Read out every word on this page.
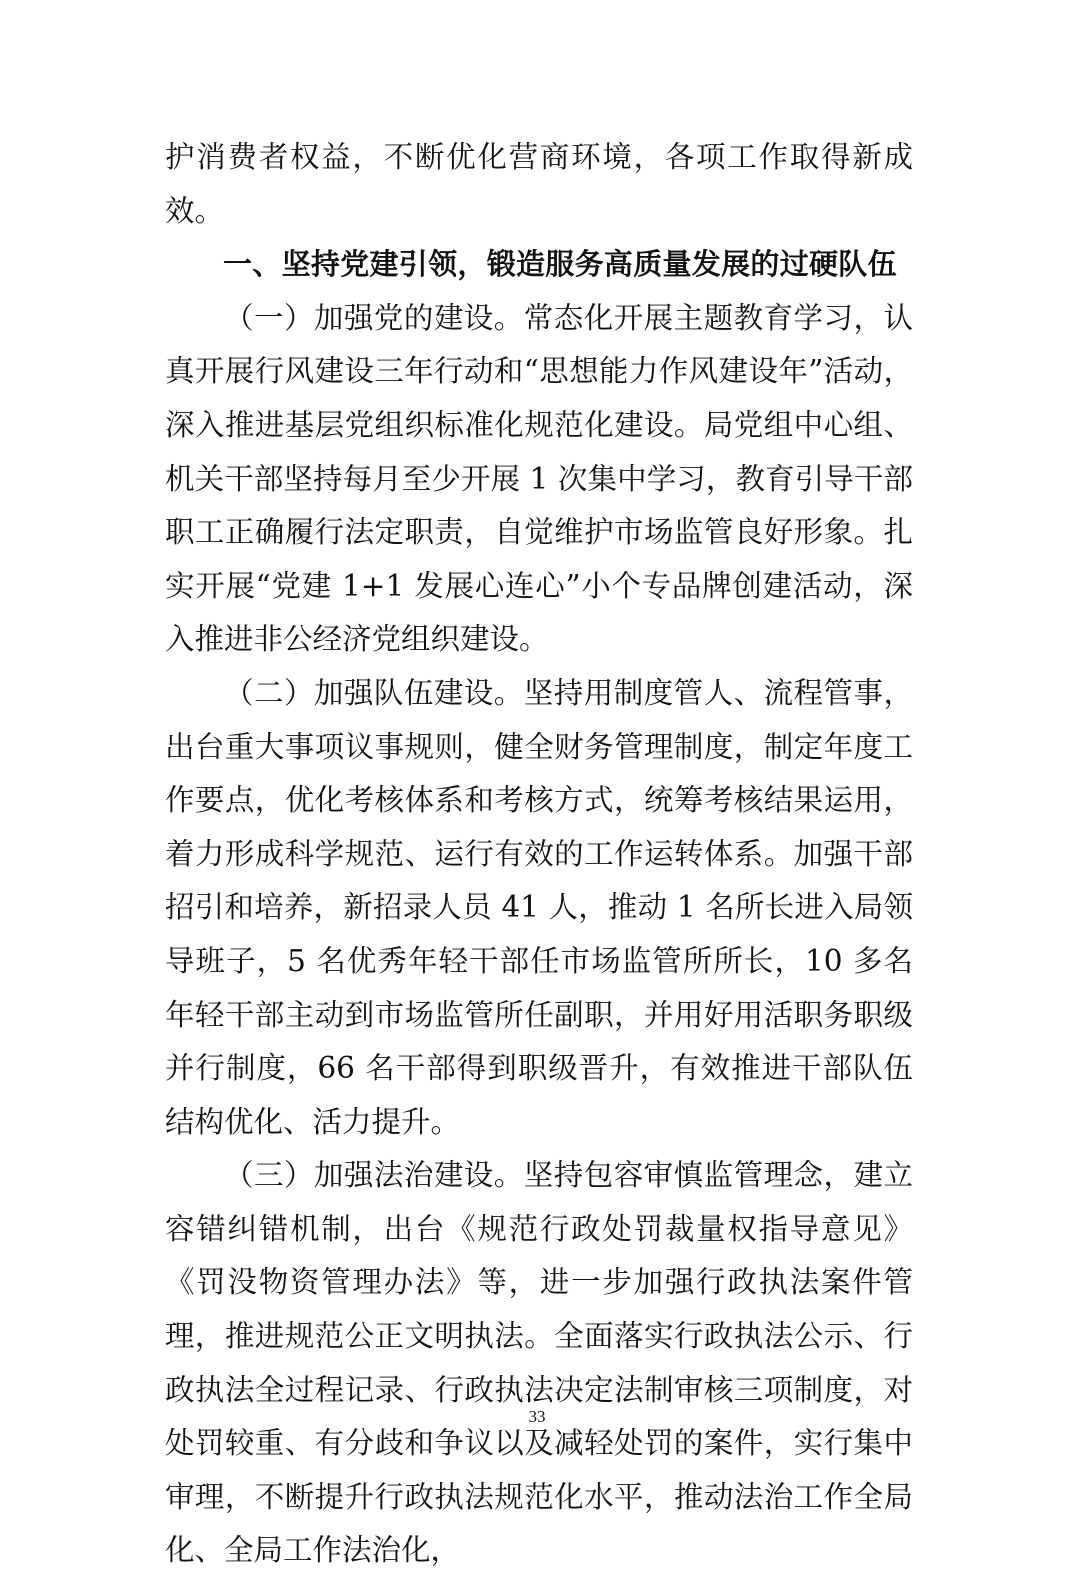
护消费者权益，不断优化营商环境，各项工作取得新成效。

一、坚持党建引领，锻造服务高质量发展的过硬队伍

（一）加强党的建设。常态化开展主题教育学习，认真开展行风建设三年行动和“思想能力作风建设年”活动，深入推进基层党组织标准化规范化建设。局党组中心组、机关干部坚持每月至少开展 1 次集中学习，教育引导干部职工正确履行法定职责，自觉维护市场监管良好形象。扎实开展“党建 1+1 发展心连心”小个专品牌创建活动，深入推进非公经济党组织建设。

（二）加强队伍建设。坚持用制度管人、流程管事，出台重大事项议事规则，健全财务管理制度，制定年度工作要点，优化考核体系和考核方式，统筹考核结果运用，着力形成科学规范、运行有效的工作运转体系。加强干部招引和培养，新招录人员 41 人，推动 1 名所长进入局领导班子，5 名优秀年轻干部任市场监管所所长，10 多名年轻干部主动到市场监管所任副职，并用好用活职务职级并行制度，66 名干部得到职级晋升，有效推进干部队伍结构优化、活力提升。

（三）加强法治建设。坚持包容审慎监管理念，建立容错纠错机制，出台《规范行政处罚裁量权指导意见》《罚没物资管理办法》等，进一步加强行政执法案件管理，推进规范公正文明执法。全面落实行政执法公示、行政执法全过程记录、行政执法决定法制审核三项制度，对处罚较重、有分歧和争议以及减轻处罚的案件，实行集中审理，不断提升行政执法规范化水平，推动法治工作全局化、全局工作法治化，

33
